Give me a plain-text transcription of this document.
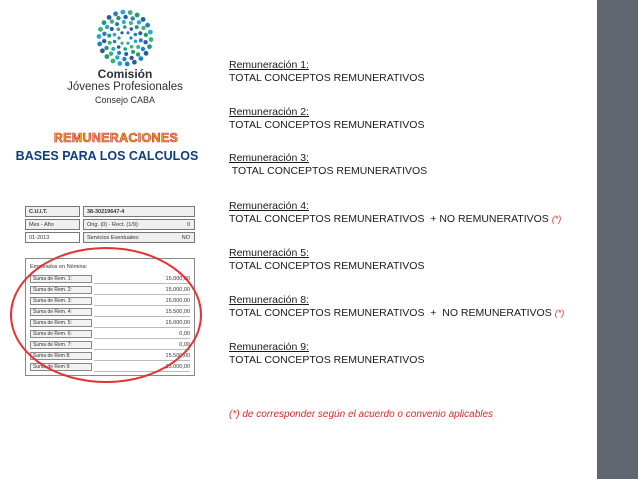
Comisión
Jóvenes Profesionales
Consejo CABA
REMUNERACIONES
BASES PARA LOS CALCULOS
C.U.I.T.	38-30219647-4
Mes - Año	Orig. (0) - Rect. (1/9):	0
01-2013	Servicios Eventuales:	NO
Empleados en Nómina:
Suma de Rem. 1:	15.000,00
Suma de Rem. 2:	15.000,00
Suma de Rem. 3:	15.000,00
Suma de Rem. 4:	15.500,00
Suma de Rem. 5:	15.000,00
Suma de Rem. 6:	0,00
Suma de Rem. 7:	0,00
Suma de Rem 8:	15.500,00
Suma de Rem 9:	15.000,00
Remuneración 1:
TOTAL CONCEPTOS REMUNERATIVOS
Remuneración 2:
TOTAL CONCEPTOS REMUNERATIVOS
Remuneración 3:
TOTAL CONCEPTOS REMUNERATIVOS
Remuneración 4:
TOTAL CONCEPTOS REMUNERATIVOS  + NO REMUNERATIVOS (*)
Remuneración 5:
TOTAL CONCEPTOS REMUNERATIVOS
Remuneración 8:
TOTAL CONCEPTOS REMUNERATIVOS  +  NO REMUNERATIVOS (*)
Remuneración 9:
TOTAL CONCEPTOS REMUNERATIVOS
(*) de corresponder según el acuerdo o convenio aplicables
